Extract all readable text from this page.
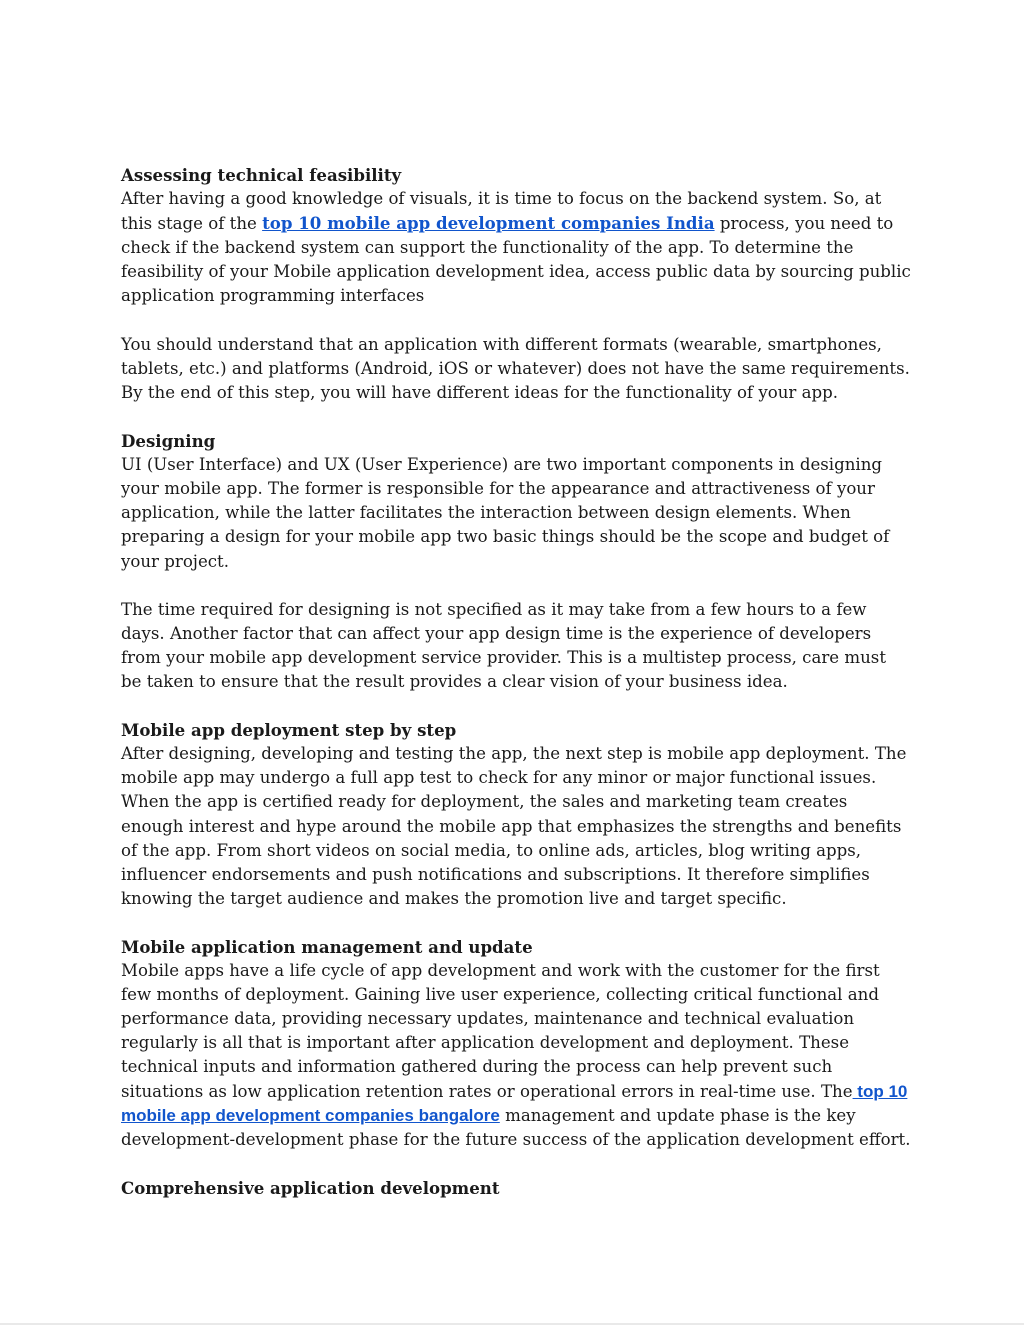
Assessing technical feasibility

After having a good knowledge of visuals, it is time to focus on the backend system. So, at this stage of the top 10 mobile app development companies India process, you need to check if the backend system can support the functionality of the app. To determine the feasibility of your Mobile application development idea, access public data by sourcing public application programming interfaces

You should understand that an application with different formats (wearable, smartphones, tablets, etc.) and platforms (Android, iOS or whatever) does not have the same requirements. By the end of this step, you will have different ideas for the functionality of your app.

Designing

UI (User Interface) and UX (User Experience) are two important components in designing your mobile app. The former is responsible for the appearance and attractiveness of your application, while the latter facilitates the interaction between design elements. When preparing a design for your mobile app two basic things should be the scope and budget of your project.

The time required for designing is not specified as it may take from a few hours to a few days. Another factor that can affect your app design time is the experience of developers from your mobile app development service provider. This is a multistep process, care must be taken to ensure that the result provides a clear vision of your business idea.

Mobile app deployment step by step

After designing, developing and testing the app, the next step is mobile app deployment. The mobile app may undergo a full app test to check for any minor or major functional issues. When the app is certified ready for deployment, the sales and marketing team creates enough interest and hype around the mobile app that emphasizes the strengths and benefits of the app. From short videos on social media, to online ads, articles, blog writing apps, influencer endorsements and push notifications and subscriptions. It therefore simplifies knowing the target audience and makes the promotion live and target specific.

Mobile application management and update

Mobile apps have a life cycle of app development and work with the customer for the first few months of deployment. Gaining live user experience, collecting critical functional and performance data, providing necessary updates, maintenance and technical evaluation regularly is all that is important after application development and deployment. These technical inputs and information gathered during the process can help prevent such situations as low application retention rates or operational errors in real-time use. The top 10 mobile app development companies bangalore management and update phase is the key development-development phase for the future success of the application development effort.

Comprehensive application development
